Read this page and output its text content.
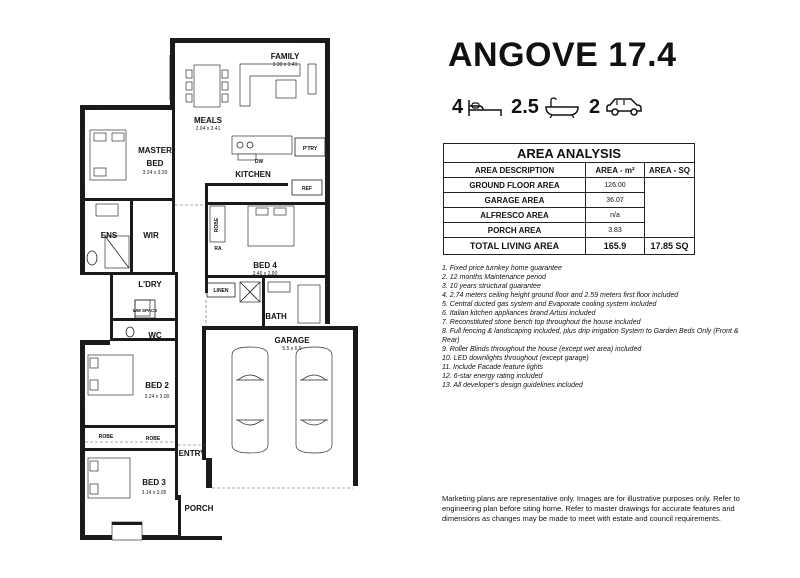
FAMILY
3.30 x 3.41
MEALS
2.04 x 3.41
MASTER
BED
3.24 x 3.39	KITCHEN
ENS	WIR
BED 4
3.46 x 2.90
L'DRY
BATH
WC
GARAGE
5.5 x 6.9
BED 2
3.24 x 3.00
ENTRY
BED 3
3.14 x 3.05
PORCH
P'TRY
REF
DW
ROBE
RA
LINEN
WM SPACE
ROBE	ROBE
ANGOVE 17.4
4 2.5	2
AREA ANALYSIS		
AREA DESCRIPTION	AREA - m²	AREA - SQ
GROUND FLOOR AREA	126.00	
GARAGE AREA	36.07	
ALFRESCO AREA	n/a	
PORCH AREA	3.83	
TOTAL LIVING AREA	165.9	17.85 SQ
1. Fixed price turnkey home guarantee
2. 12 months Maintenance period
3. 10 years structural guarantee
4. 2.74 meters ceiling height ground floor and 2.59 meters first floor included
5. Central ducted gas system and Evaporate cooling system included
6. Italian kitchen appliances brand Artusi included
7. Reconstituted stone bench top throughout the house included
8. Full fencing & landscaping included, plus drip irrigation System to Garden Beds Only (Front & Rear)
9. Roller Blinds throughout the house (except wet area) included
10. LED downlights throughout (except garage)
11. Include Facade feature lights
12. 6-star energy rating included
13. All developer's design guidelines included
Marketing plans are representative only. Images are for illustrative purposes only. Refer to engineering plan before siting home. Refer to master drawings for accurate features and dimensions as changes may be made to meet with estate and council requirements.
